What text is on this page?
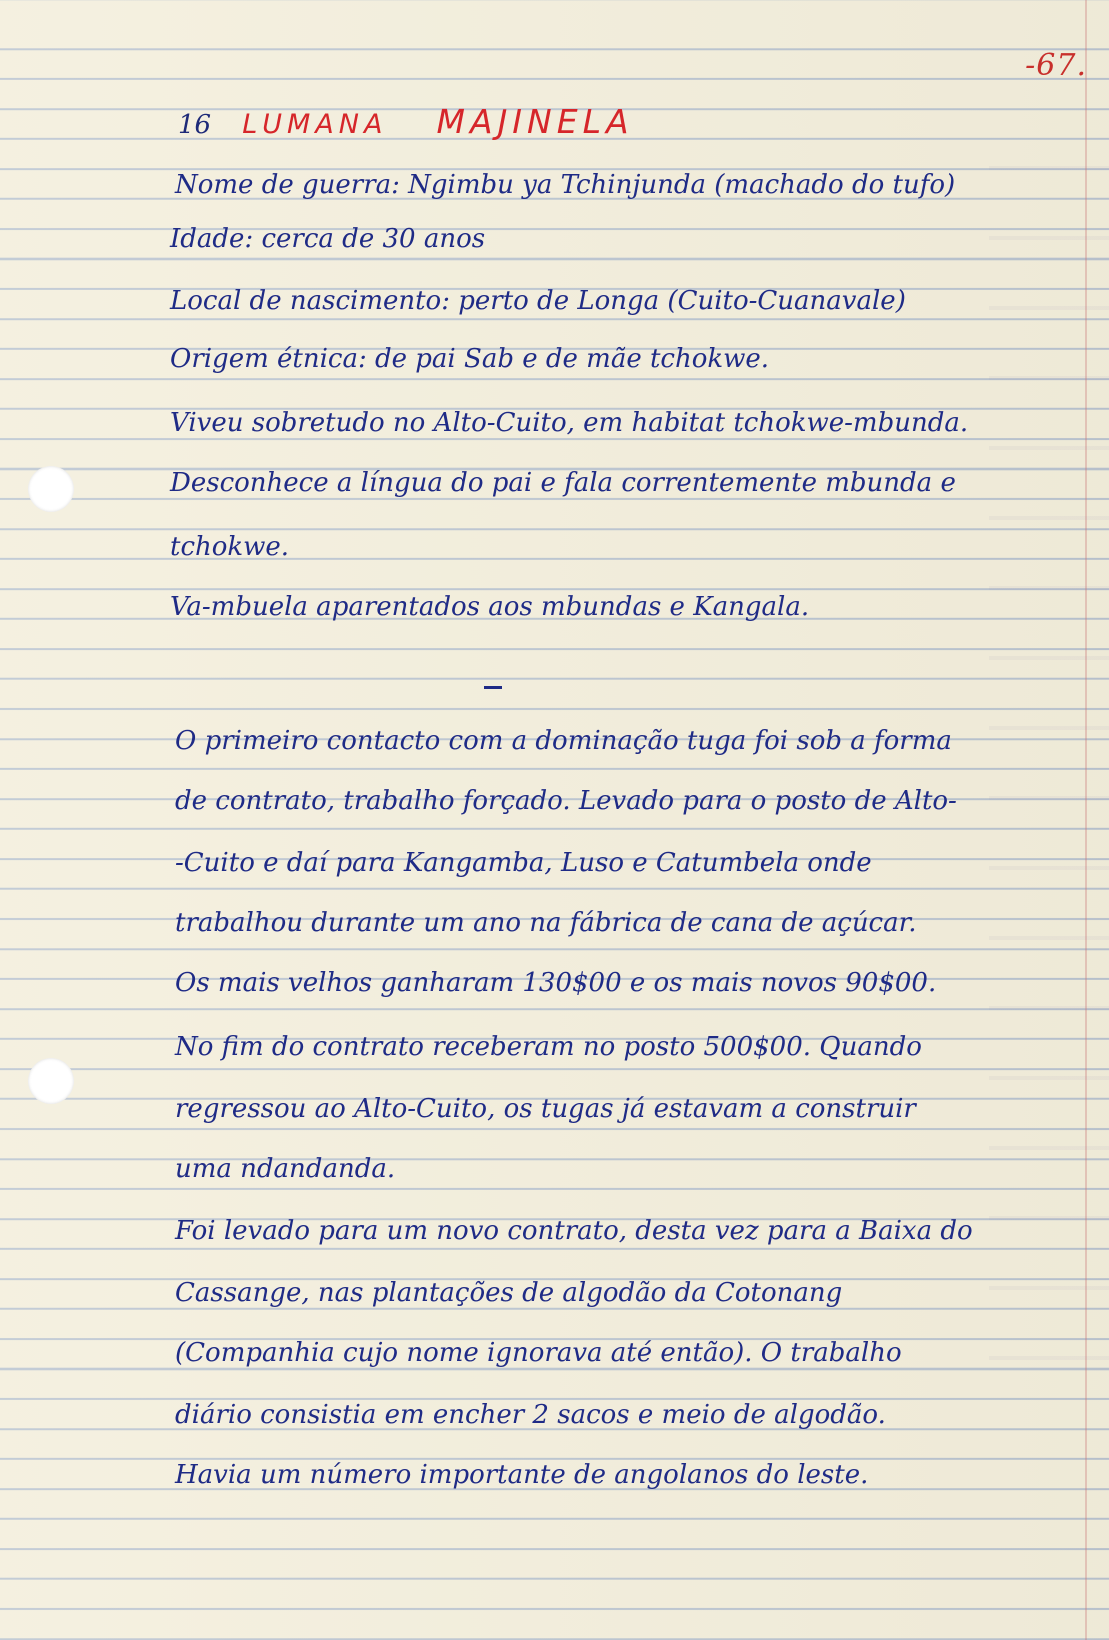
-67.
16 LUMANA MAJINELA
Nome de guerra: Ngimbu ya Tchinjunda (machado do tufo)
Idade: cerca de 30 anos
Local de nascimento: perto de Longa (Cuito-Cuanavale)
Origem étnica: de pai Sab e de mãe tchokwe.
Viveu sobretudo no Alto-Cuito, em habitat tchokwe-mbunda.
Desconhece a língua do pai e fala correntemente mbunda e
tchokwe.
Va-mbuela aparentados aos mbundas e Kangala.
O primeiro contacto com a dominação tuga foi sob a forma
de contrato, trabalho forçado. Levado para o posto de Alto-
-Cuito e daí para Kangamba, Luso e Catumbela onde
trabalhou durante um ano na fábrica de cana de açúcar.
Os mais velhos ganharam 130$00 e os mais novos 90$00.
No fim do contrato receberam no posto 500$00. Quando
regressou ao Alto-Cuito, os tugas já estavam a construir
uma ndandanda.
Foi levado para um novo contrato, desta vez para a Baixa do
Cassange, nas plantações de algodão da Cotonang
(Companhia cujo nome ignorava até então). O trabalho
diário consistia em encher 2 sacos e meio de algodão.
Havia um número importante de angolanos do leste.
